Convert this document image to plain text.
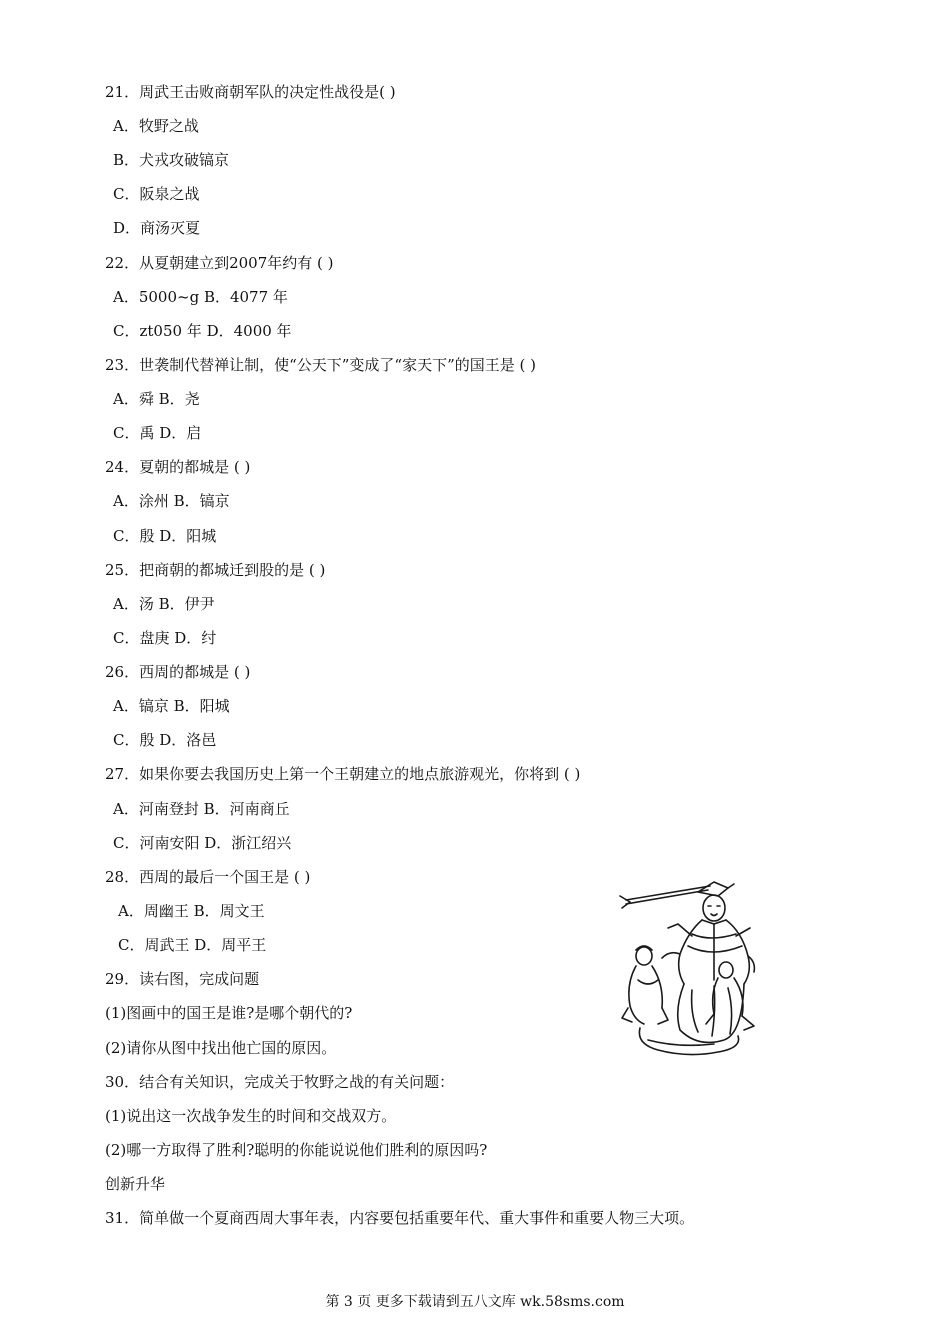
21．周武王击败商朝军队的决定性战役是( )
A．牧野之战
B．犬戎攻破镐京
C．阪泉之战
D．商汤灭夏
22．从夏朝建立到2007年约有 ( )
A．5000~g B．4077 年
C．zt050 年 D．4000 年
23．世袭制代替禅让制，使“公天下”变成了“家天下”的国王是 ( )
A．舜 B．尧
C．禹 D．启
24．夏朝的都城是 ( )
A．涂州 B．镐京
C．殷 D．阳城
25．把商朝的都城迁到股的是 ( )
A．汤 B．伊尹
C．盘庚 D．纣
26．西周的都城是 ( )
A．镐京 B．阳城
C．殷 D．洛邑
27．如果你要去我国历史上第一个王朝建立的地点旅游观光，你将到 ( )
A．河南登封 B．河南商丘
C．河南安阳 D．浙江绍兴
28．西周的最后一个国王是 ( )
A．周幽王 B．周文王
C．周武王 D．周平王
29．读右图，完成问题
(1)图画中的国王是谁?是哪个朝代的?
(2)请你从图中找出他亡国的原因。
30．结合有关知识，完成关于牧野之战的有关问题：
(1)说出这一次战争发生的时间和交战双方。
(2)哪一方取得了胜利?聪明的你能说说他们胜利的原因吗?
创新升华
31．简单做一个夏商西周大事年表，内容要包括重要年代、重大事件和重要人物三大项。
第 3 页 更多下载请到五八文库 wk.58sms.com
